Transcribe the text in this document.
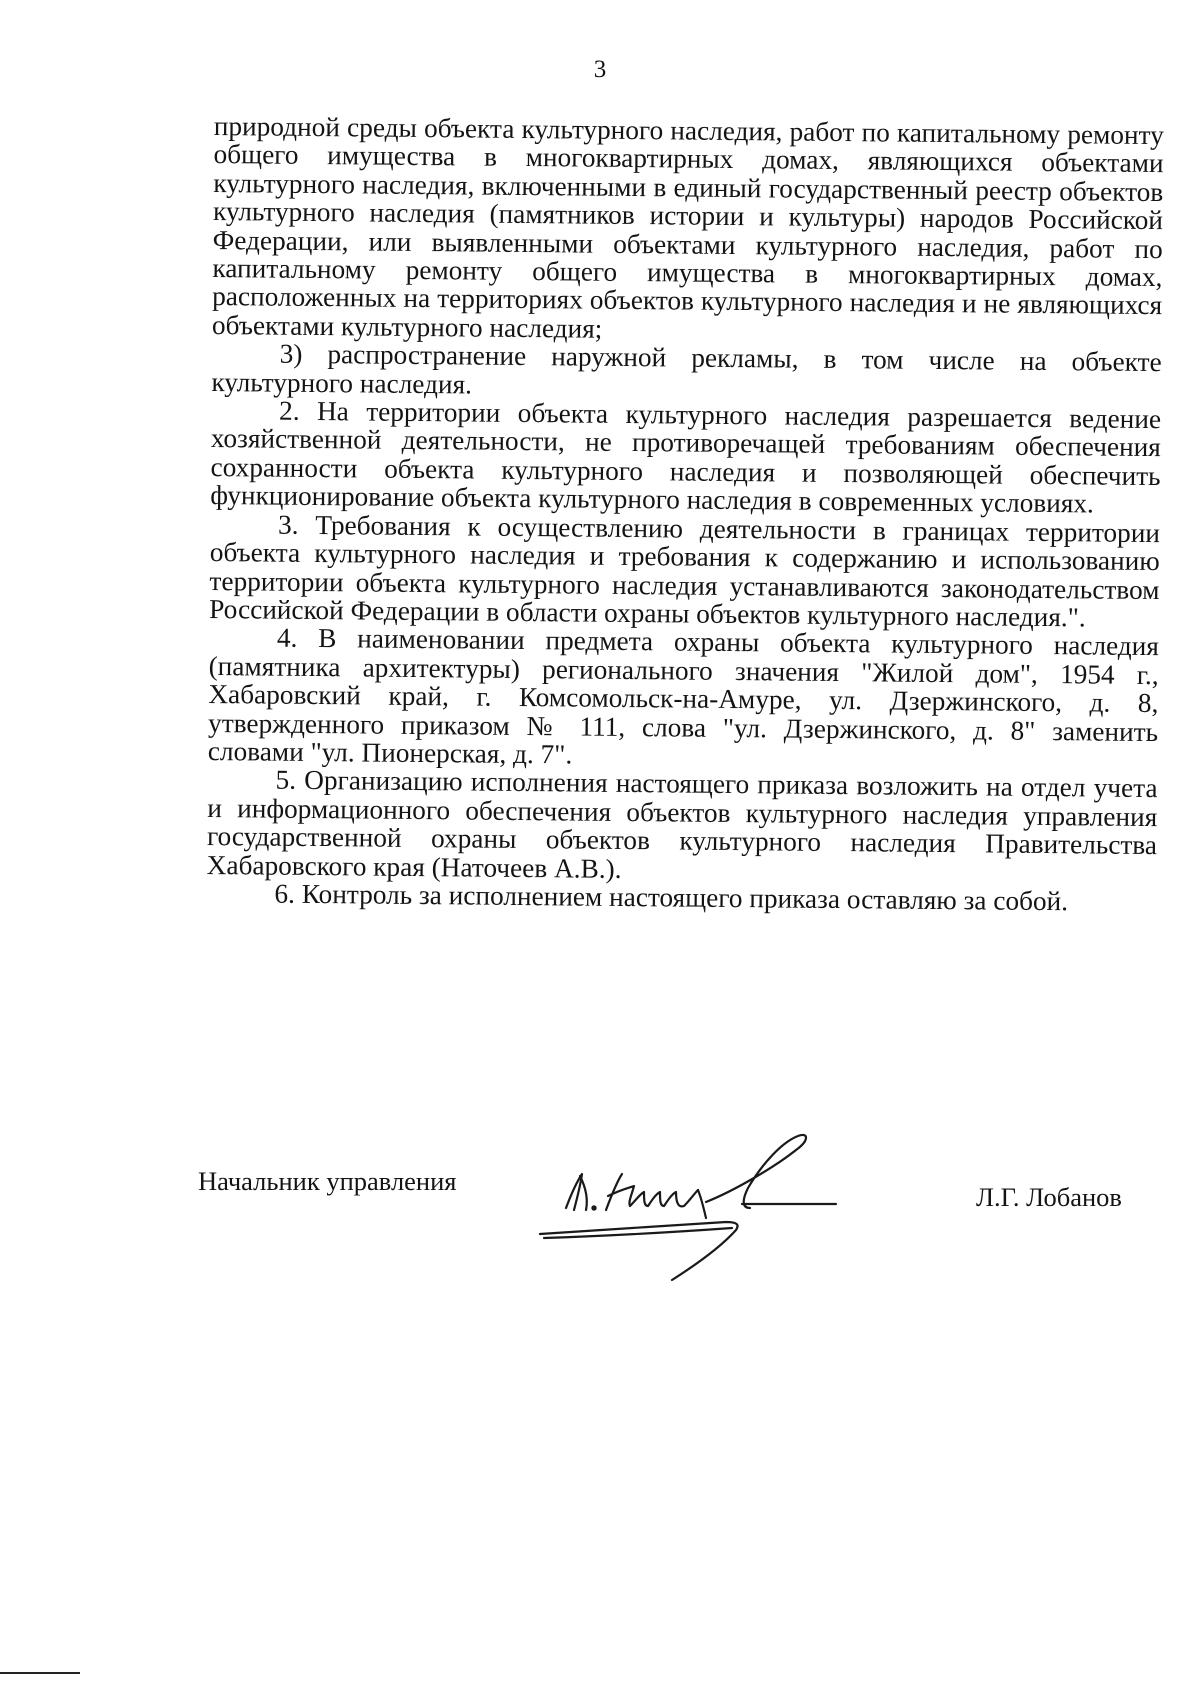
3

природной среды объекта культурного наследия, работ по капитальному ремонту общего имущества в многоквартирных домах, являющихся объектами культурного наследия, включенными в единый государственный реестр объектов культурного наследия (памятников истории и культуры) народов Российской Федерации, или выявленными объектами культурного наследия, работ по капитальному ремонту общего имущества в многоквартирных домах, расположенных на территориях объектов культурного наследия и не являющихся объектами культурного наследия;

3) распространение наружной рекламы, в том числе на объекте культурного наследия.

2. На территории объекта культурного наследия разрешается ведение хозяйственной деятельности, не противоречащей требованиям обеспечения сохранности объекта культурного наследия и позволяющей обеспечить функционирование объекта культурного наследия в современных условиях.

3. Требования к осуществлению деятельности в границах территории объекта культурного наследия и требования к содержанию и использованию территории объекта культурного наследия устанавливаются законодательством Российской Федерации в области охраны объектов культурного наследия.".

4. В наименовании предмета охраны объекта культурного наследия (памятника архитектуры) регионального значения "Жилой дом", 1954 г., Хабаровский край, г. Комсомольск-на-Амуре, ул. Дзержинского, д. 8, утвержденного приказом № 111, слова "ул. Дзержинского, д. 8" заменить словами "ул. Пионерская, д. 7".

5. Организацию исполнения настоящего приказа возложить на отдел учета и информационного обеспечения объектов культурного наследия управления государственной охраны объектов культурного наследия Правительства Хабаровского края (Наточеев А.В.).

6. Контроль за исполнением настоящего приказа оставляю за собой.

Начальник управления
Л.Г. Лобанов
